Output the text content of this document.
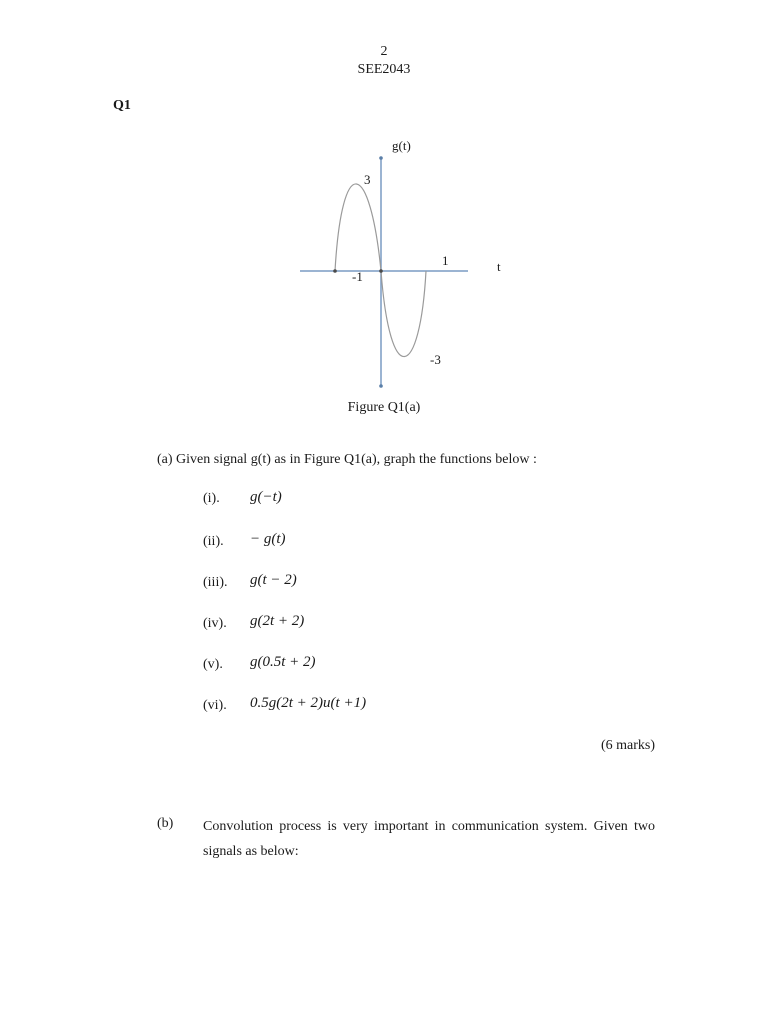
2
SEE2043
Q1
g(t)
t
3
-3
-1
1
Figure Q1(a)
(a) Given signal g(t) as in Figure Q1(a), graph the functions below :
(i). g(−t)
(ii). − g(t)
(iii). g(t − 2)
(iv). g(2t + 2)
(v). g(0.5t + 2)
(vi). 0.5g(2t + 2)u(t +1)
(6 marks)
(b) Convolution process is very important in communication system. Given two signals as below:
